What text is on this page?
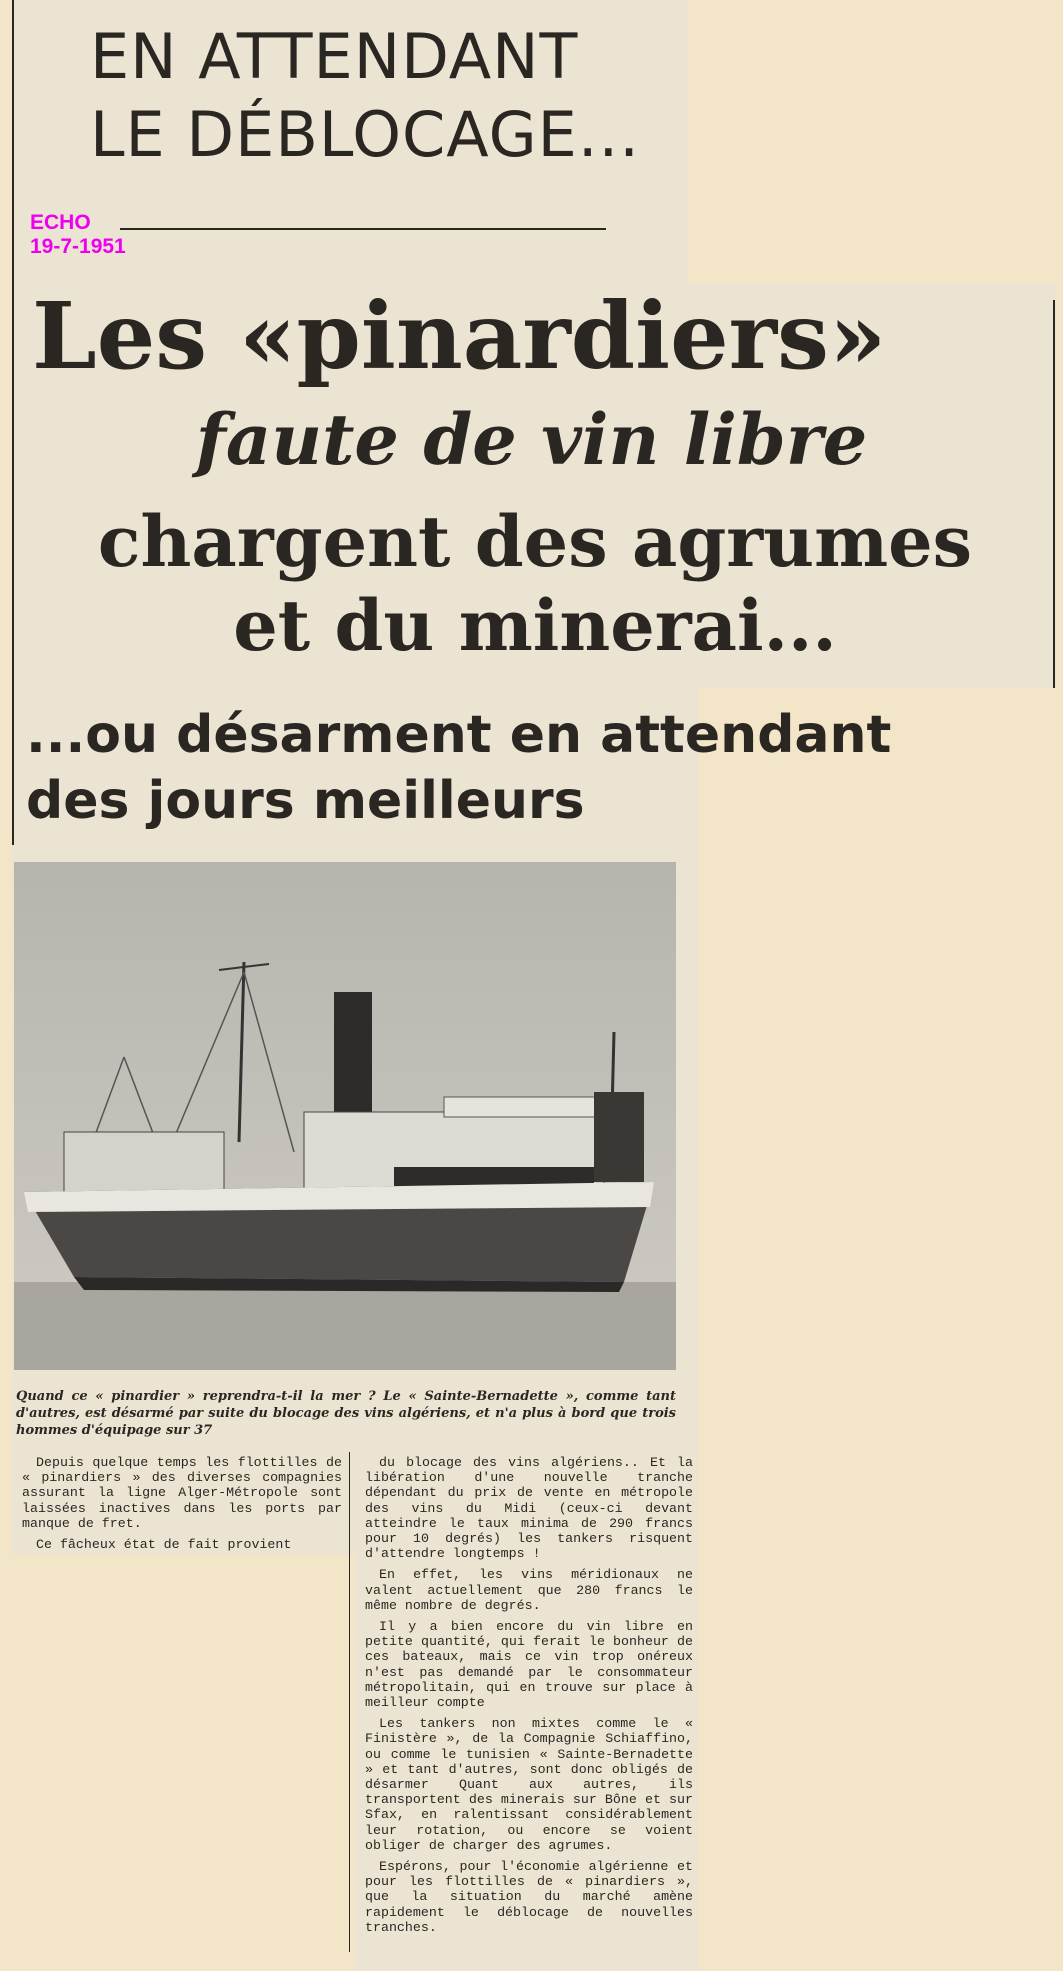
EN ATTENDANT
LE DÉBLOCAGE...
ECHO
19-7-1951
Les «pinardiers»
faute de vin libre
chargent des agrumes
et du minerai...
...ou désarment en attendant
des jours meilleurs
Quand ce « pinardier » reprendra-t-il la mer ? Le « Sainte-Bernadette », comme tant d'autres, est désarmé par suite du blocage des vins algériens, et n'a plus à bord que trois hommes d'équipage sur 37

Depuis quelque temps les flottilles de « pinardiers » des diverses compagnies assurant la ligne Alger-Métropole sont laissées inactives dans les ports par manque de fret.

Ce fâcheux état de fait provient

du blocage des vins algériens.. Et la libération d'une nouvelle tranche dépendant du prix de vente en métropole des vins du Midi (ceux-ci devant atteindre le taux minima de 290 francs pour 10 degrés) les tankers risquent d'attendre longtemps !

En effet, les vins méridionaux ne valent actuellement que 280 francs le même nombre de degrés.

Il y a bien encore du vin libre en petite quantité, qui ferait le bonheur de ces bateaux, mais ce vin trop onéreux n'est pas demandé par le consommateur métropolitain, qui en trouve sur place à meilleur compte

Les tankers non mixtes comme le « Finistère », de la Compagnie Schiaffino, ou comme le tunisien « Sainte-Bernadette » et tant d'autres, sont donc obligés de désarmer Quant aux autres, ils transportent des minerais sur Bône et sur Sfax, en ralentissant considérablement leur rotation, ou encore se voient obliger de charger des agrumes.

Espérons, pour l'économie algérienne et pour les flottilles de « pinardiers », que la situation du marché amène rapidement le déblocage de nouvelles tranches.
